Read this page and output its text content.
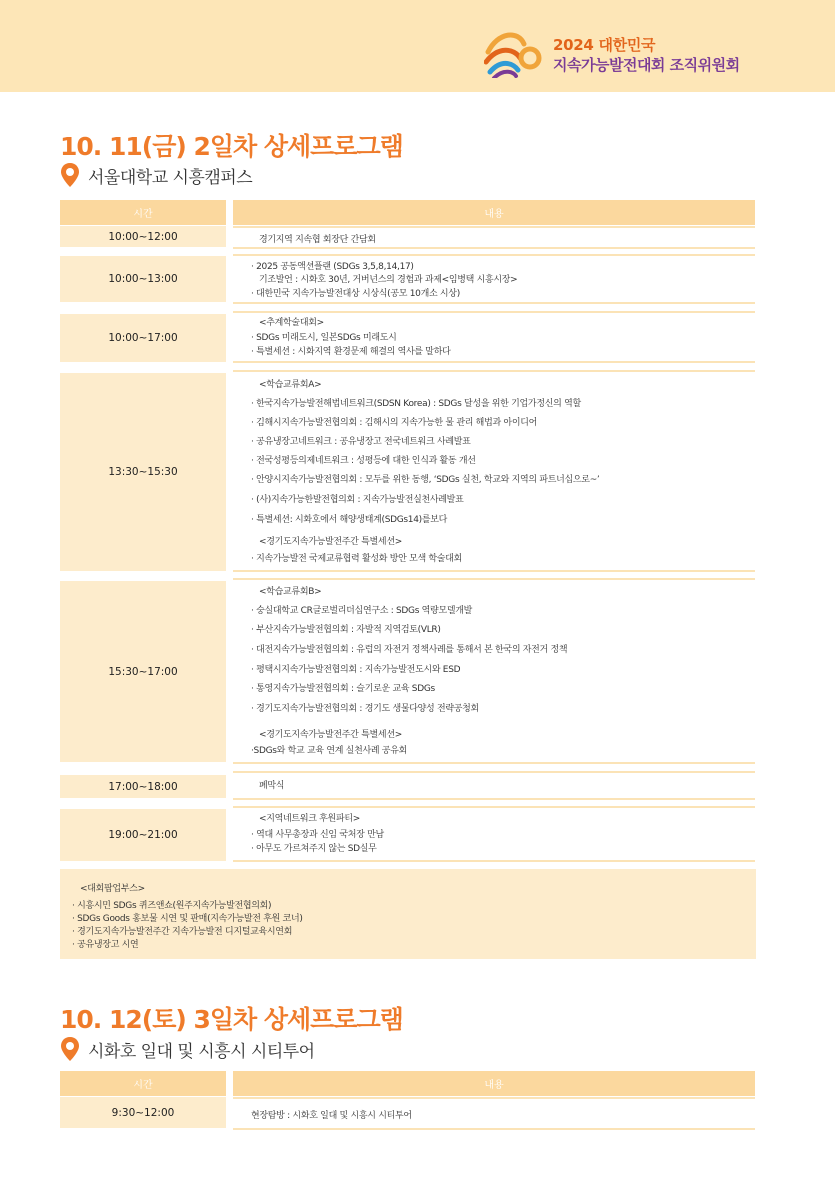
2024 대한민국
지속가능발전대회 조직위원회
10. 11(금) 2일차 상세프로그램
서울대학교 시흥캠퍼스
시간	내용
10:00~12:00	경기지역 지속협 회장단 간담회
10:00~13:00
· 2025 공동액션플랜 (SDGs 3,5,8,14,17)
기조발언 : 시화호 30년, 거버넌스의 경험과 과제<임병택 시흥시장>
· 대한민국 지속가능발전대상 시상식(공모 10개소 시상)
10:00~17:00
<추계학술대회>
· SDGs 미래도시, 일본SDGs 미래도시
· 특별세션 : 시화지역 환경문제 해결의 역사를 말하다
13:30~15:30
<학습교류회A>
· 한국지속가능발전해법네트워크(SDSN Korea) : SDGs 달성을 위한 기업가정신의 역할
· 김해시지속가능발전협의회 : 김해시의 지속가능한 물 관리 해법과 아이디어
· 공유냉장고네트워크 : 공유냉장고 전국네트워크 사례발표
· 전국성평등의제네트워크 : 성평등에 대한 인식과 활동 개선
· 안양시지속가능발전협의회 : 모두를 위한 동행, ‘SDGs 실천, 학교와 지역의 파트너십으로~’
· (사)지속가능한발전협의회 : 지속가능발전실천사례발표
· 특별세션: 시화호에서 해양생태계(SDGs14)를보다
<경기도지속가능발전주간 특별세션>
· 지속가능발전 국제교류협력 활성화 방안 모색 학술대회
15:30~17:00
<학습교류회B>
· 숭실대학교 CR글로벌리더십연구소 : SDGs 역량모델개발
· 부산지속가능발전협의회 : 자발적 지역검토(VLR)
· 대전지속가능발전협의회 : 유럽의 자전거 정책사례를 통해서 본 한국의 자전거 정책
· 평택시지속가능발전협의회 : 지속가능발전도시와 ESD
· 통영지속가능발전협의회 : 슬기로운 교육 SDGs
· 경기도지속가능발전협의회 : 경기도 생물다양성 전략공청회
<경기도지속가능발전주간 특별세션>
·SDGs와 학교 교육 연계 실천사례 공유회
17:00~18:00	폐막식
19:00~21:00
<지역네트워크 후원파티>
· 역대 사무총장과 신임 국처장 만남
· 아무도 가르쳐주지 않는 SD실무
<대회팝업부스>
· 시흥시민 SDGs 퀴즈앤쇼(원주지속가능발전협의회)
· SDGs Goods 홍보물 시연 및 판매(지속가능발전 후원 코너)
· 경기도지속가능발전주간 지속가능발전 디지털교육시연회
· 공유냉장고 시연
10. 12(토) 3일차 상세프로그램
시화호 일대 및 시흥시 시티투어
시간	내용
9:30~12:00	현장탐방 : 시화호 일대 및 시흥시 시티투어
